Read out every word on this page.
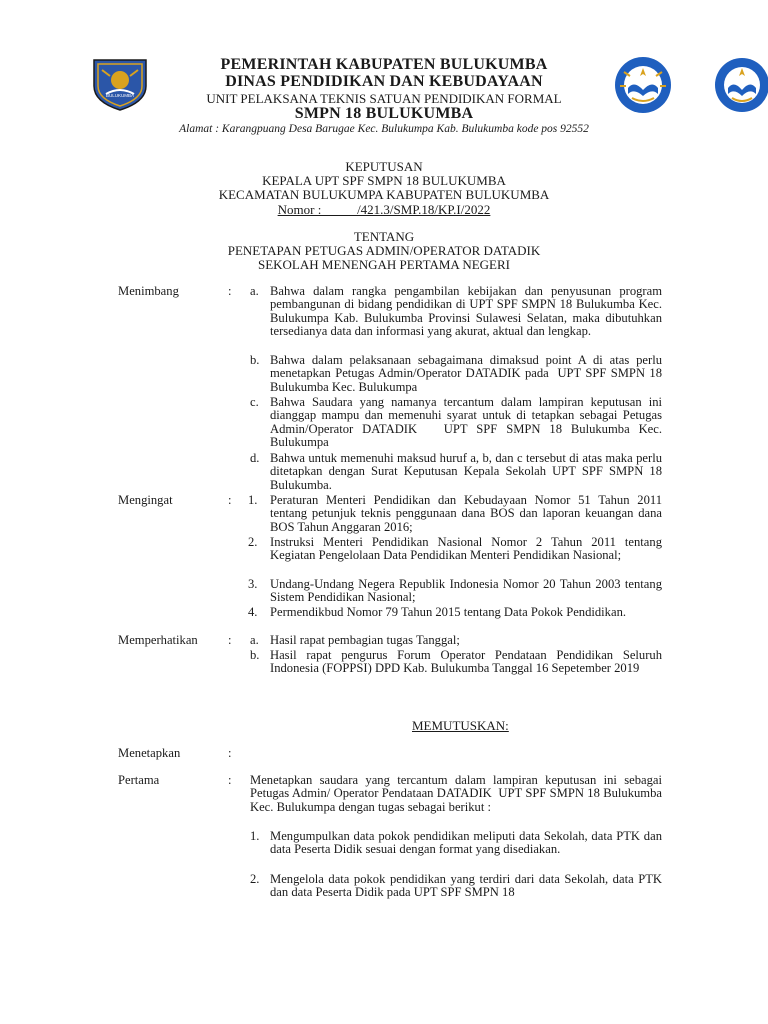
BULUKUMBA
PEMERINTAH KABUPATEN BULUKUMBA
DINAS PENDIDIKAN DAN KEBUDAYAAN
UNIT PELAKSANA TEKNIS SATUAN PENDIDIKAN FORMAL
SMPN 18 BULUKUMBA
Alamat : Karangpuang Desa Barugae Kec. Bulukumpa Kab. Bulukumba kode pos 92552
KEPUTUSAN
KEPALA UPT SPF SMPN 18 BULUKUMBA
KECAMATAN BULUKUMPA KABUPATEN BULUKUMBA
Nomor :           /421.3/SMP.18/KP.I/2022
TENTANG
PENETAPAN PETUGAS ADMIN/OPERATOR DATADIK
SEKOLAH MENENGAH PERTAMA NEGERI
Menimbang	: a. Bahwa dalam rangka pengambilan kebijakan dan penyusunan program pembangunan di bidang pendidikan di UPT SPF SMPN 18 Bulukumba Kec. Bulukumpa Kab. Bulukumba Provinsi Sulawesi Selatan, maka dibutuhkan tersedianya data dan informasi yang akurat, aktual dan lengkap.
b. Bahwa dalam pelaksanaan sebagaimana dimaksud point A di atas perlu menetapkan Petugas Admin/Operator DATADIK pada  UPT SPF SMPN 18 Bulukumba Kec. Bulukumpa
c. Bahwa Saudara yang namanya tercantum dalam lampiran keputusan ini dianggap mampu dan memenuhi syarat untuk di tetapkan sebagai Petugas Admin/Operator DATADIK   UPT SPF SMPN 18 Bulukumba Kec. Bulukumpa
d. Bahwa untuk memenuhi maksud huruf a, b, dan c tersebut di atas maka perlu ditetapkan dengan Surat Keputusan Kepala Sekolah UPT SPF SMPN 18 Bulukumba.
Mengingat	: 1. Peraturan Menteri Pendidikan dan Kebudayaan Nomor 51 Tahun 2011 tentang petunjuk teknis penggunaan dana BOS dan laporan keuangan dana BOS Tahun Anggaran 2016;
2. Instruksi Menteri Pendidikan Nasional Nomor 2 Tahun 2011 tentang Kegiatan Pengelolaan Data Pendidikan Menteri Pendidikan Nasional;
3. Undang-Undang Negera Republik Indonesia Nomor 20 Tahun 2003 tentang Sistem Pendidikan Nasional;
4. Permendikbud Nomor 79 Tahun 2015 tentang Data Pokok Pendidikan.
Memperhatikan : a. Hasil rapat pembagian tugas Tanggal;
b. Hasil rapat pengurus Forum Operator Pendataan Pendidikan Seluruh Indonesia (FOPPSI) DPD Kab. Bulukumba Tanggal 16 Sepetember 2019
MEMUTUSKAN:
Menetapkan	:
Pertama	: Menetapkan saudara yang tercantum dalam lampiran keputusan ini sebagai Petugas Admin/ Operator Pendataan DATADIK  UPT SPF SMPN 18 Bulukumba Kec. Bulukumpa dengan tugas sebagai berikut :
1. Mengumpulkan data pokok pendidikan meliputi data Sekolah, data PTK dan data Peserta Didik sesuai dengan format yang disediakan.
2. Mengelola data pokok pendidikan yang terdiri dari data Sekolah, data PTK dan data Peserta Didik pada UPT SPF SMPN 18
